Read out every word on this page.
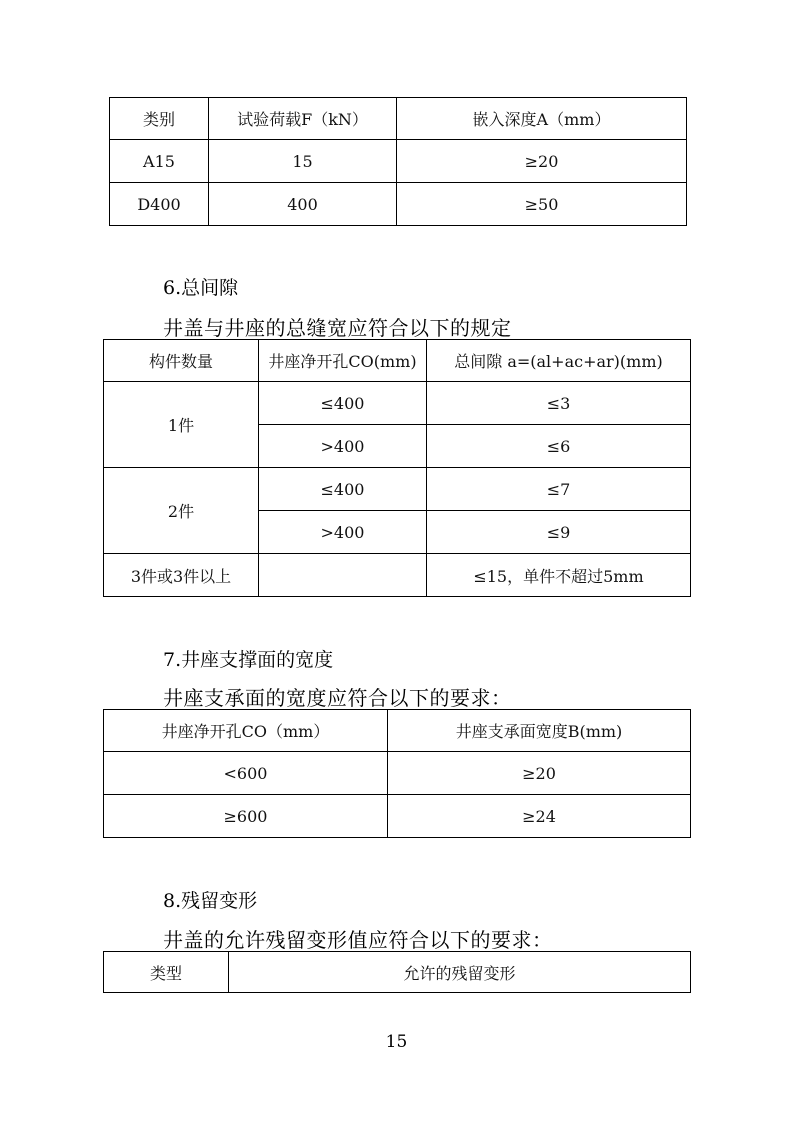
类别	试验荷载F（kN）	嵌入深度A（mm）
A15	15	≥20
D400	400	≥50
6.总间隙
井盖与井座的总缝宽应符合以下的规定
构件数量	井座净开孔CO(mm)	总间隙 a=(al+ac+ar)(mm)
1件	≤400	≤3
	>400	≤6
2件	≤400	≤7
	>400	≤9
3件或3件以上		≤15，单件不超过5mm
7.井座支撑面的宽度
井座支承面的宽度应符合以下的要求：
井座净开孔CO（mm）	井座支承面宽度B(mm)
<600	≥20
≥600	≥24
8.残留变形
井盖的允许残留变形值应符合以下的要求：
类型	允许的残留变形
15
